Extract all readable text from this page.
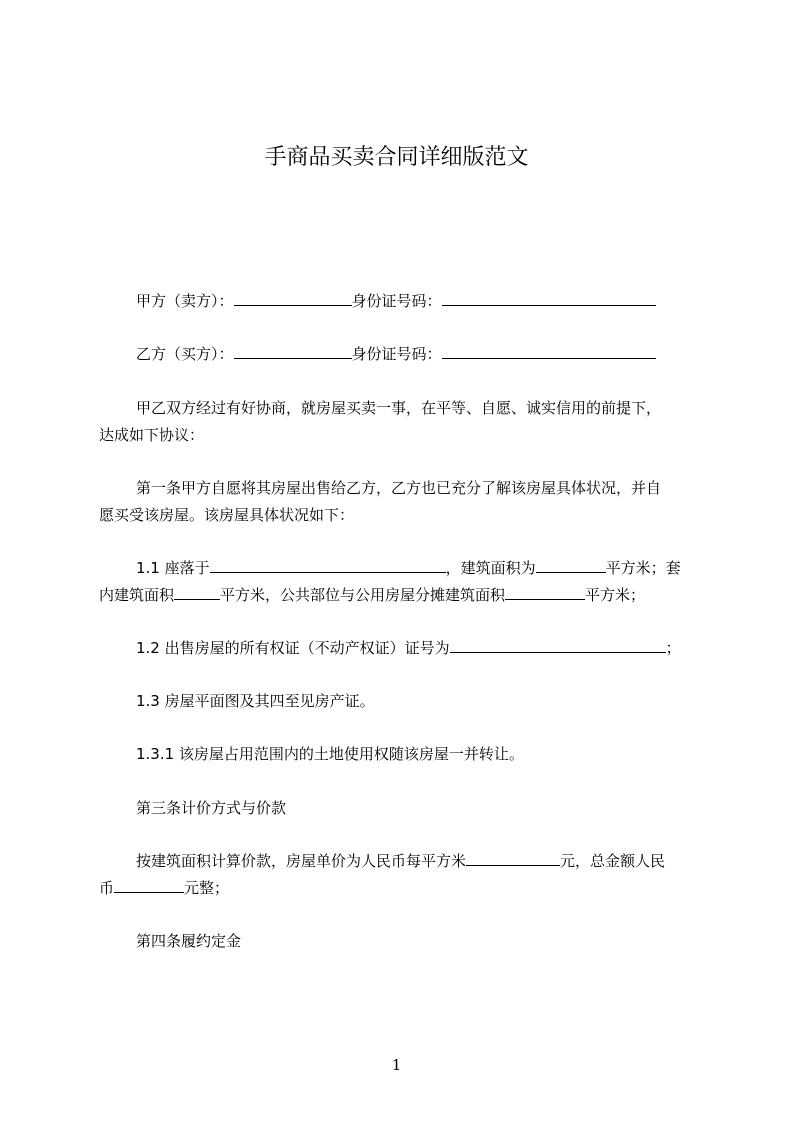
手商品买卖合同详细版范文
甲方（卖方）：	身份证号码：
乙方（买方）：	身份证号码：
甲乙双方经过有好协商，就房屋买卖一事，在平等、自愿、诚实信用的前提下，
达成如下协议：
第一条甲方自愿将其房屋出售给乙方，乙方也已充分了解该房屋具体状况，并自
愿买受该房屋。该房屋具体状况如下：
1.1 座落于	，建筑面积为	平方米；套
内建筑面积	平方米，公共部位与公用房屋分摊建筑面积	平方米；
1.2 出售房屋的所有权证（不动产权证）证号为	；
1.3 房屋平面图及其四至见房产证。
1.3.1 该房屋占用范围内的土地使用权随该房屋一并转让。
第三条计价方式与价款
按建筑面积计算价款，房屋单价为人民币每平方米	元，总金额人民
币	元整；
第四条履约定金
1
